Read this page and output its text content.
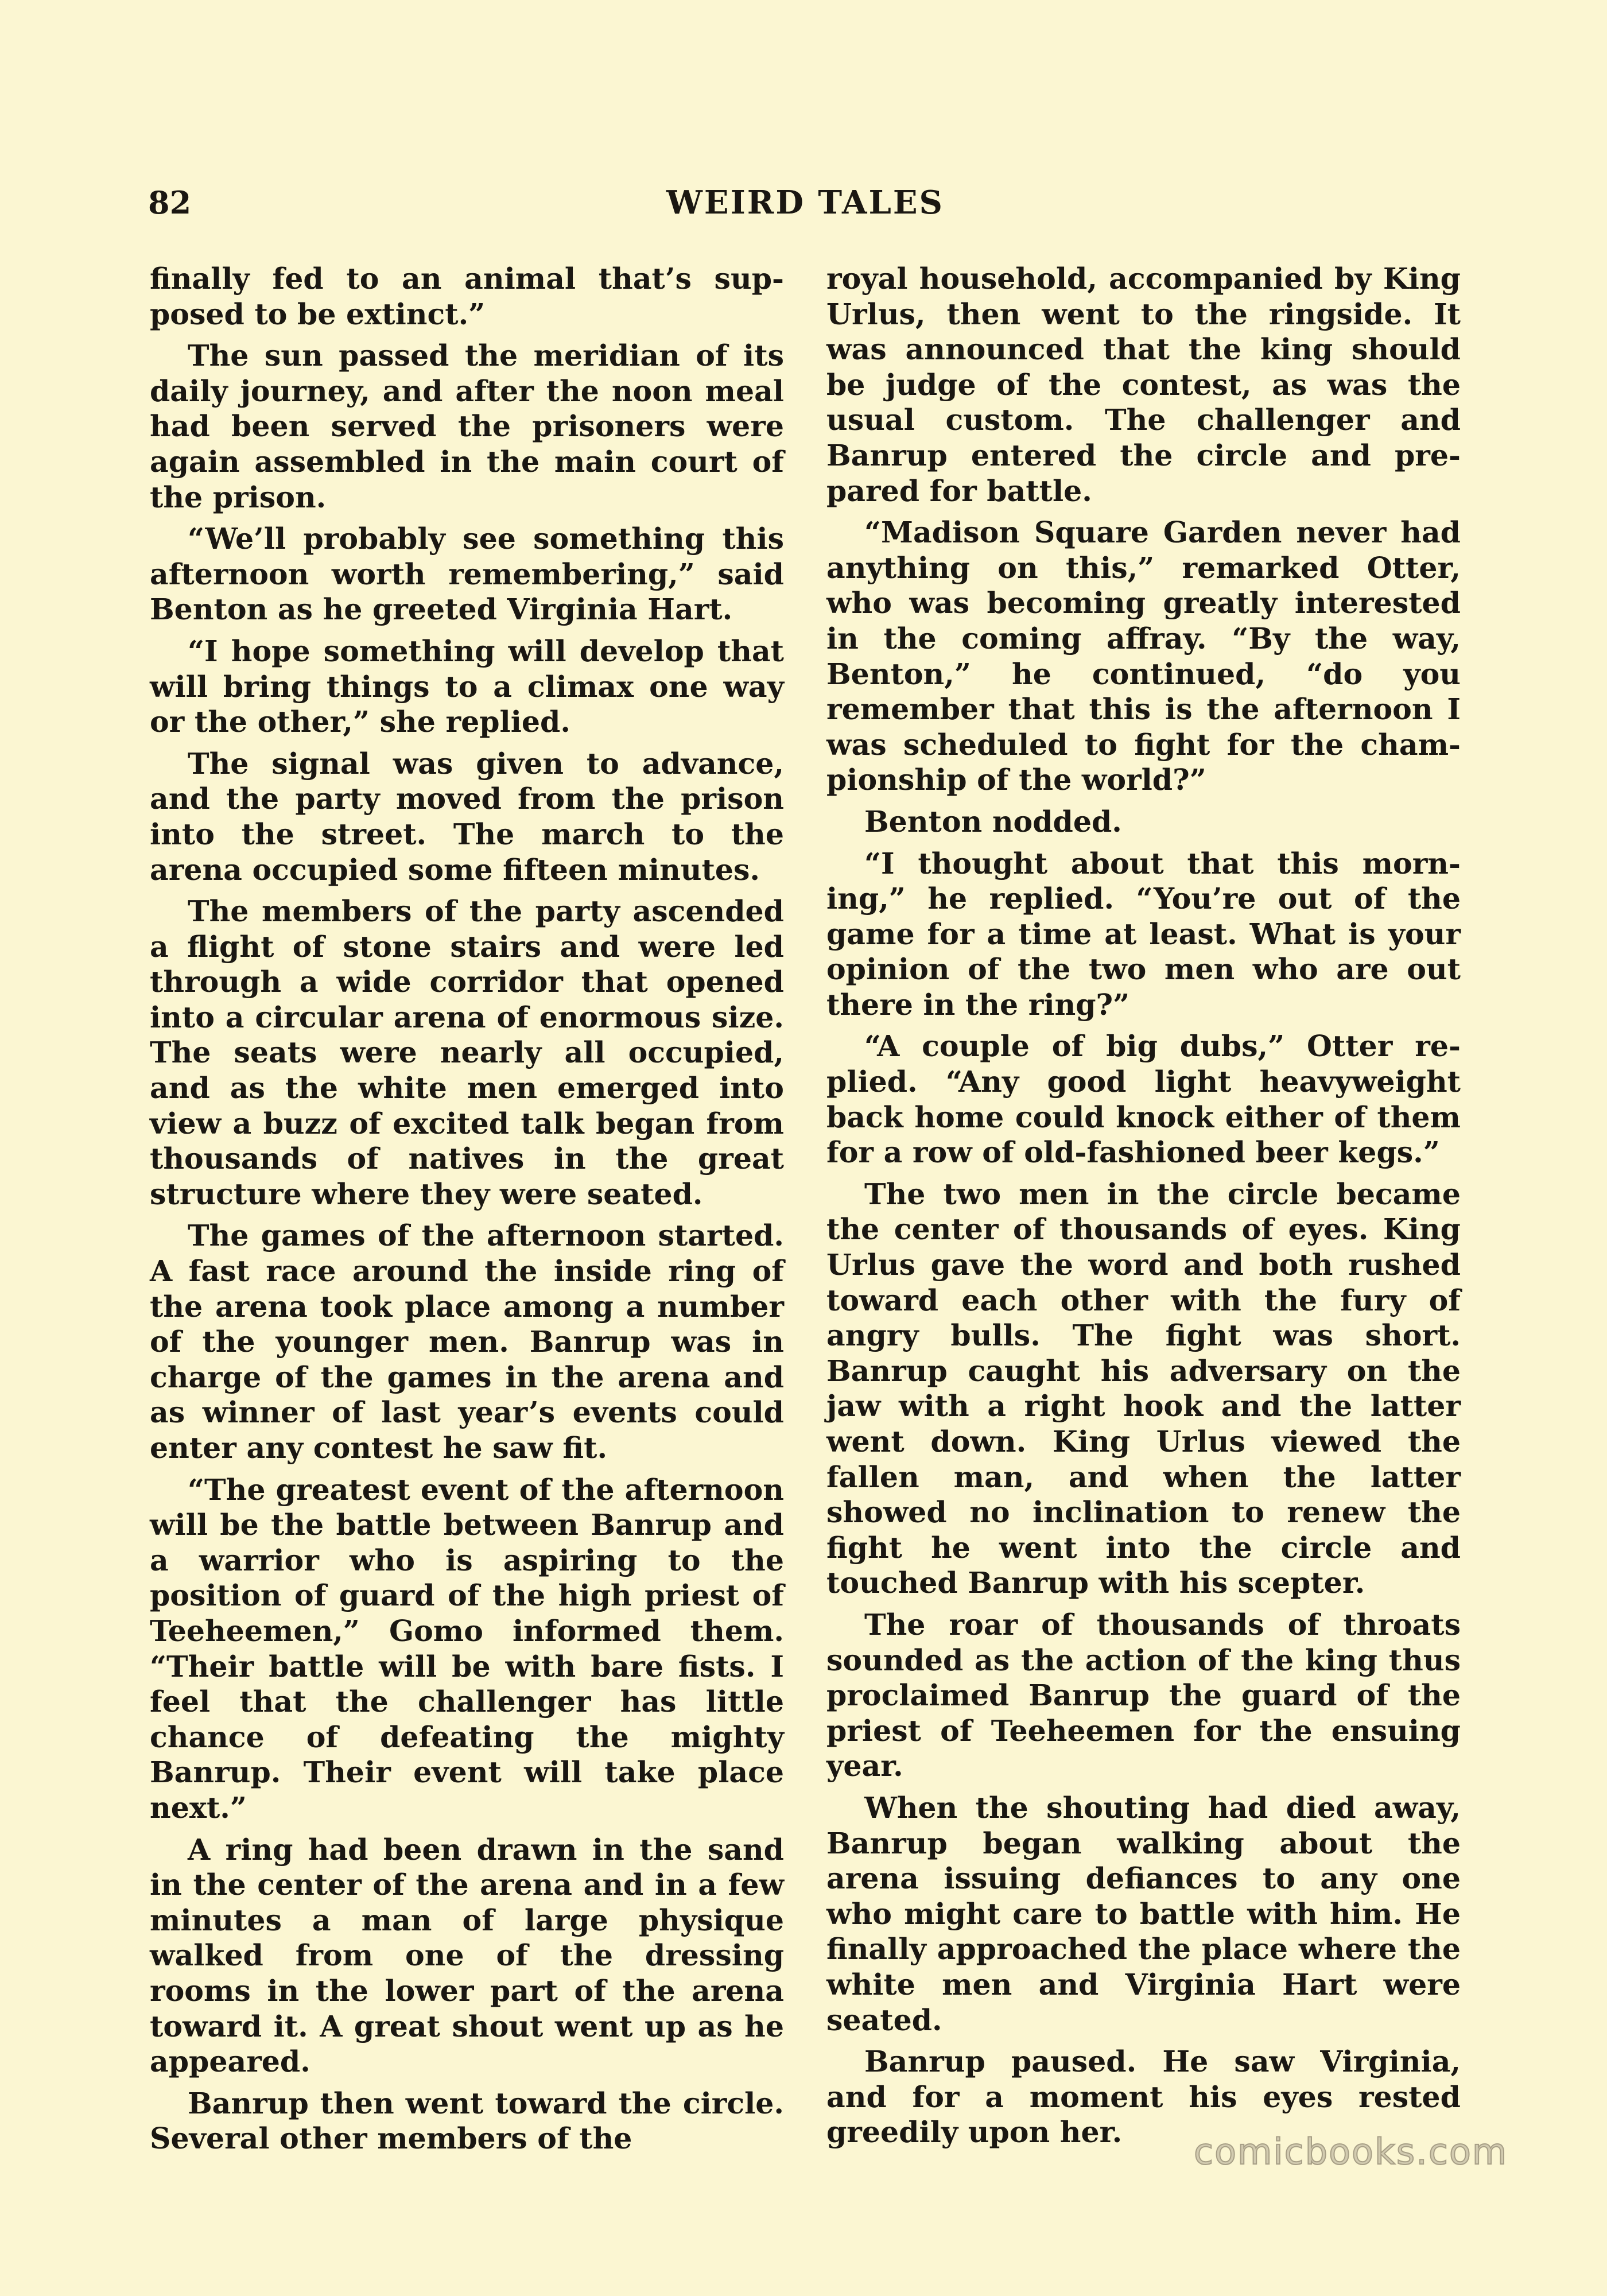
82	WEIRD TALES

finally fed to an animal that’s supposed to be extinct.”

The sun passed the meridian of its daily journey, and after the noon meal had been served the prisoners were again assembled in the main court of the prison.

“We’ll probably see something this afternoon worth remembering,” said Benton as he greeted Virginia Hart.

“I hope something will develop that will bring things to a climax one way or the other,” she replied.

The signal was given to advance, and the party moved from the prison into the street. The march to the arena occupied some fifteen minutes.

The members of the party ascended a flight of stone stairs and were led through a wide corridor that opened into a circular arena of enormous size. The seats were nearly all occupied, and as the white men emerged into view a buzz of excited talk began from thousands of natives in the great structure where they were seated.

The games of the afternoon started. A fast race around the inside ring of the arena took place among a number of the younger men. Banrup was in charge of the games in the arena and as winner of last year’s events could enter any contest he saw fit.

“The greatest event of the afternoon will be the battle between Banrup and a warrior who is aspiring to the position of guard of the high priest of Teeheemen,” Gomo informed them. “Their battle will be with bare fists. I feel that the challenger has little chance of defeating the mighty Banrup. Their event will take place next.”

A ring had been drawn in the sand in the center of the arena and in a few minutes a man of large physique walked from one of the dressing rooms in the lower part of the arena toward it. A great shout went up as he appeared.

Banrup then went toward the circle. Several other members of the

royal household, accompanied by King Urlus, then went to the ringside. It was announced that the king should be judge of the contest, as was the usual custom. The challenger and Banrup entered the circle and prepared for battle.

“Madison Square Garden never had anything on this,” remarked Otter, who was becoming greatly interested in the coming affray. “By the way, Benton,” he continued, “do you remember that this is the afternoon I was scheduled to fight for the championship of the world?”

Benton nodded.

“I thought about that this morning,” he replied. “You’re out of the game for a time at least. What is your opinion of the two men who are out there in the ring?”

“A couple of big dubs,” Otter replied. “Any good light heavyweight back home could knock either of them for a row of old-fashioned beer kegs.”

The two men in the circle became the center of thousands of eyes. King Urlus gave the word and both rushed toward each other with the fury of angry bulls. The fight was short. Banrup caught his adversary on the jaw with a right hook and the latter went down. King Urlus viewed the fallen man, and when the latter showed no inclination to renew the fight he went into the circle and touched Banrup with his scepter.

The roar of thousands of throats sounded as the action of the king thus proclaimed Banrup the guard of the priest of Teeheemen for the ensuing year.

When the shouting had died away, Banrup began walking about the arena issuing defiances to any one who might care to battle with him. He finally approached the place where the white men and Virginia Hart were seated.

Banrup paused. He saw Virginia, and for a moment his eyes rested greedily upon her.	comicbooks.com
